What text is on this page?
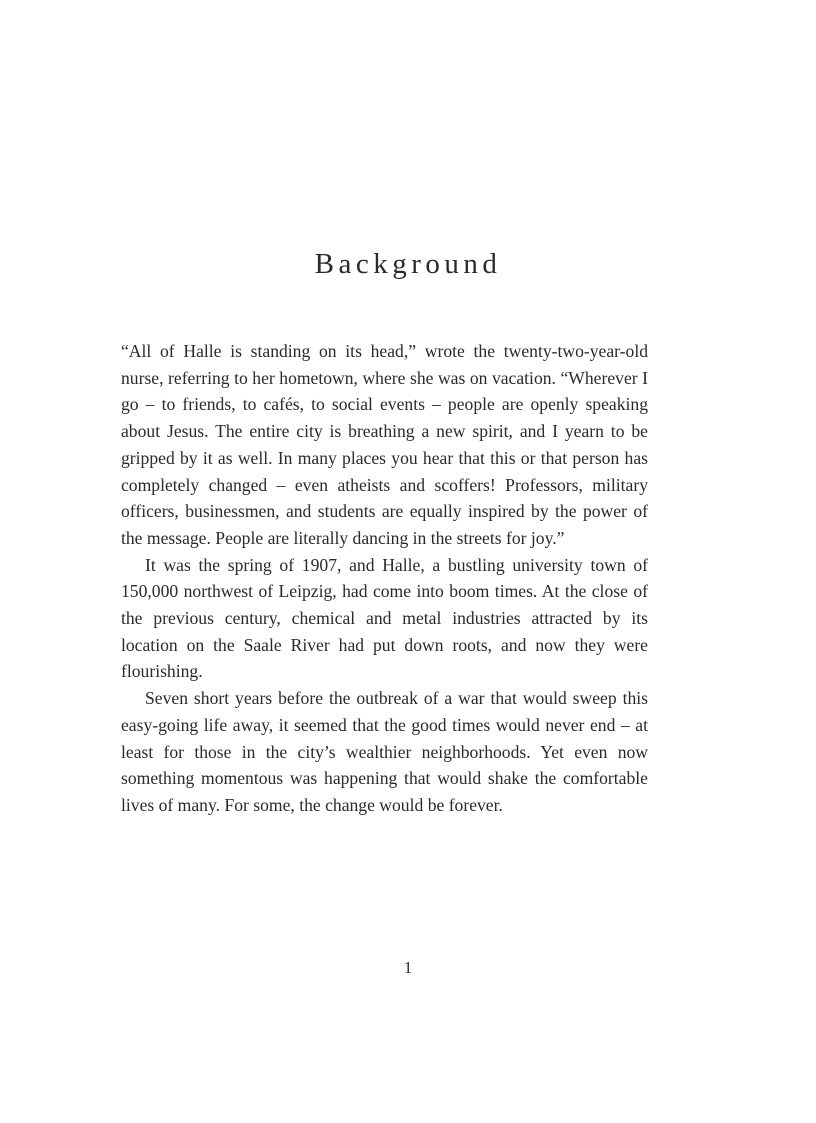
Background

“All of Halle is standing on its head,” wrote the twenty-two-year-old nurse, referring to her hometown, where she was on vacation. “Wherever I go – to friends, to cafés, to social events – people are openly speaking about Jesus. The entire city is breathing a new spirit, and I yearn to be gripped by it as well. In many places you hear that this or that person has completely changed – even atheists and scoffers! Professors, military officers, businessmen, and students are equally inspired by the power of the message. People are literally dancing in the streets for joy.”

It was the spring of 1907, and Halle, a bustling university town of 150,000 northwest of Leipzig, had come into boom times. At the close of the previous century, chemical and metal industries attracted by its location on the Saale River had put down roots, and now they were flourishing.

Seven short years before the outbreak of a war that would sweep this easy-going life away, it seemed that the good times would never end – at least for those in the city’s wealthier neighborhoods. Yet even now something momentous was happening that would shake the comfortable lives of many. For some, the change would be forever.

1
